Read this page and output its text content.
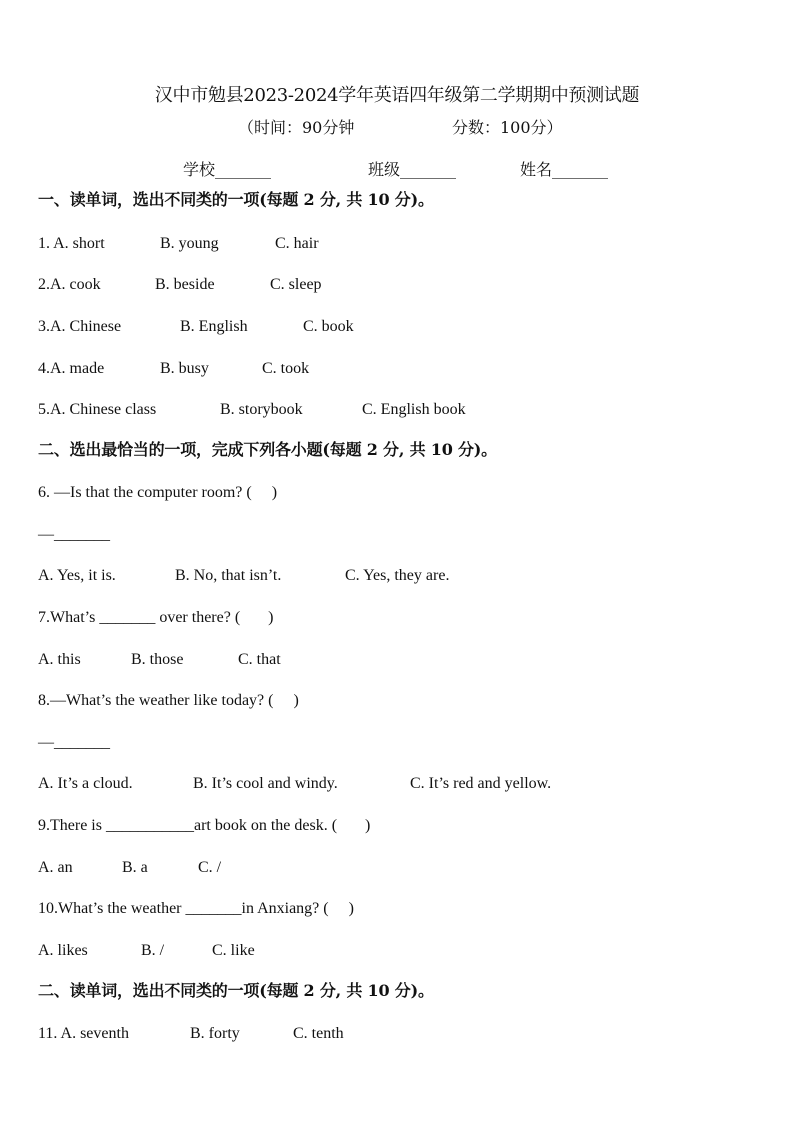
汉中市勉县2023-2024学年英语四年级第二学期期中预测试题
（时间：90分钟	分数：100分）
学校_______	班级_______	姓名_______
一、读单词，选出不同类的一项(每题 2 分, 共 10 分)。
1. A. short	B. young	C. hair
2.A. cook	B. beside	C. sleep
3.A. Chinese	B. English	C. book
4.A. made	B. busy	C. took
5.A. Chinese class	B. storybook	C. English book
二、选出最恰当的一项，完成下列各小题(每题 2 分, 共 10 分)。
6. —Is that the computer room? (     )
—_______
A. Yes, it is.	B. No, that isn’t.	C. Yes, they are.
7.What’s _______ over there? (       )
A. this	B. those	C. that
8.—What’s the weather like today? (     )
—_______
A. It’s a cloud.	B. It’s cool and windy.	C. It’s red and yellow.
9.There is ___________art book on the desk. (       )
A. an	B. a	C. /
10.What’s the weather _______in Anxiang? (     )
A. likes	B. /	C. like
二、读单词，选出不同类的一项(每题 2 分, 共 10 分)。
11. A. seventh	B. forty	C. tenth
